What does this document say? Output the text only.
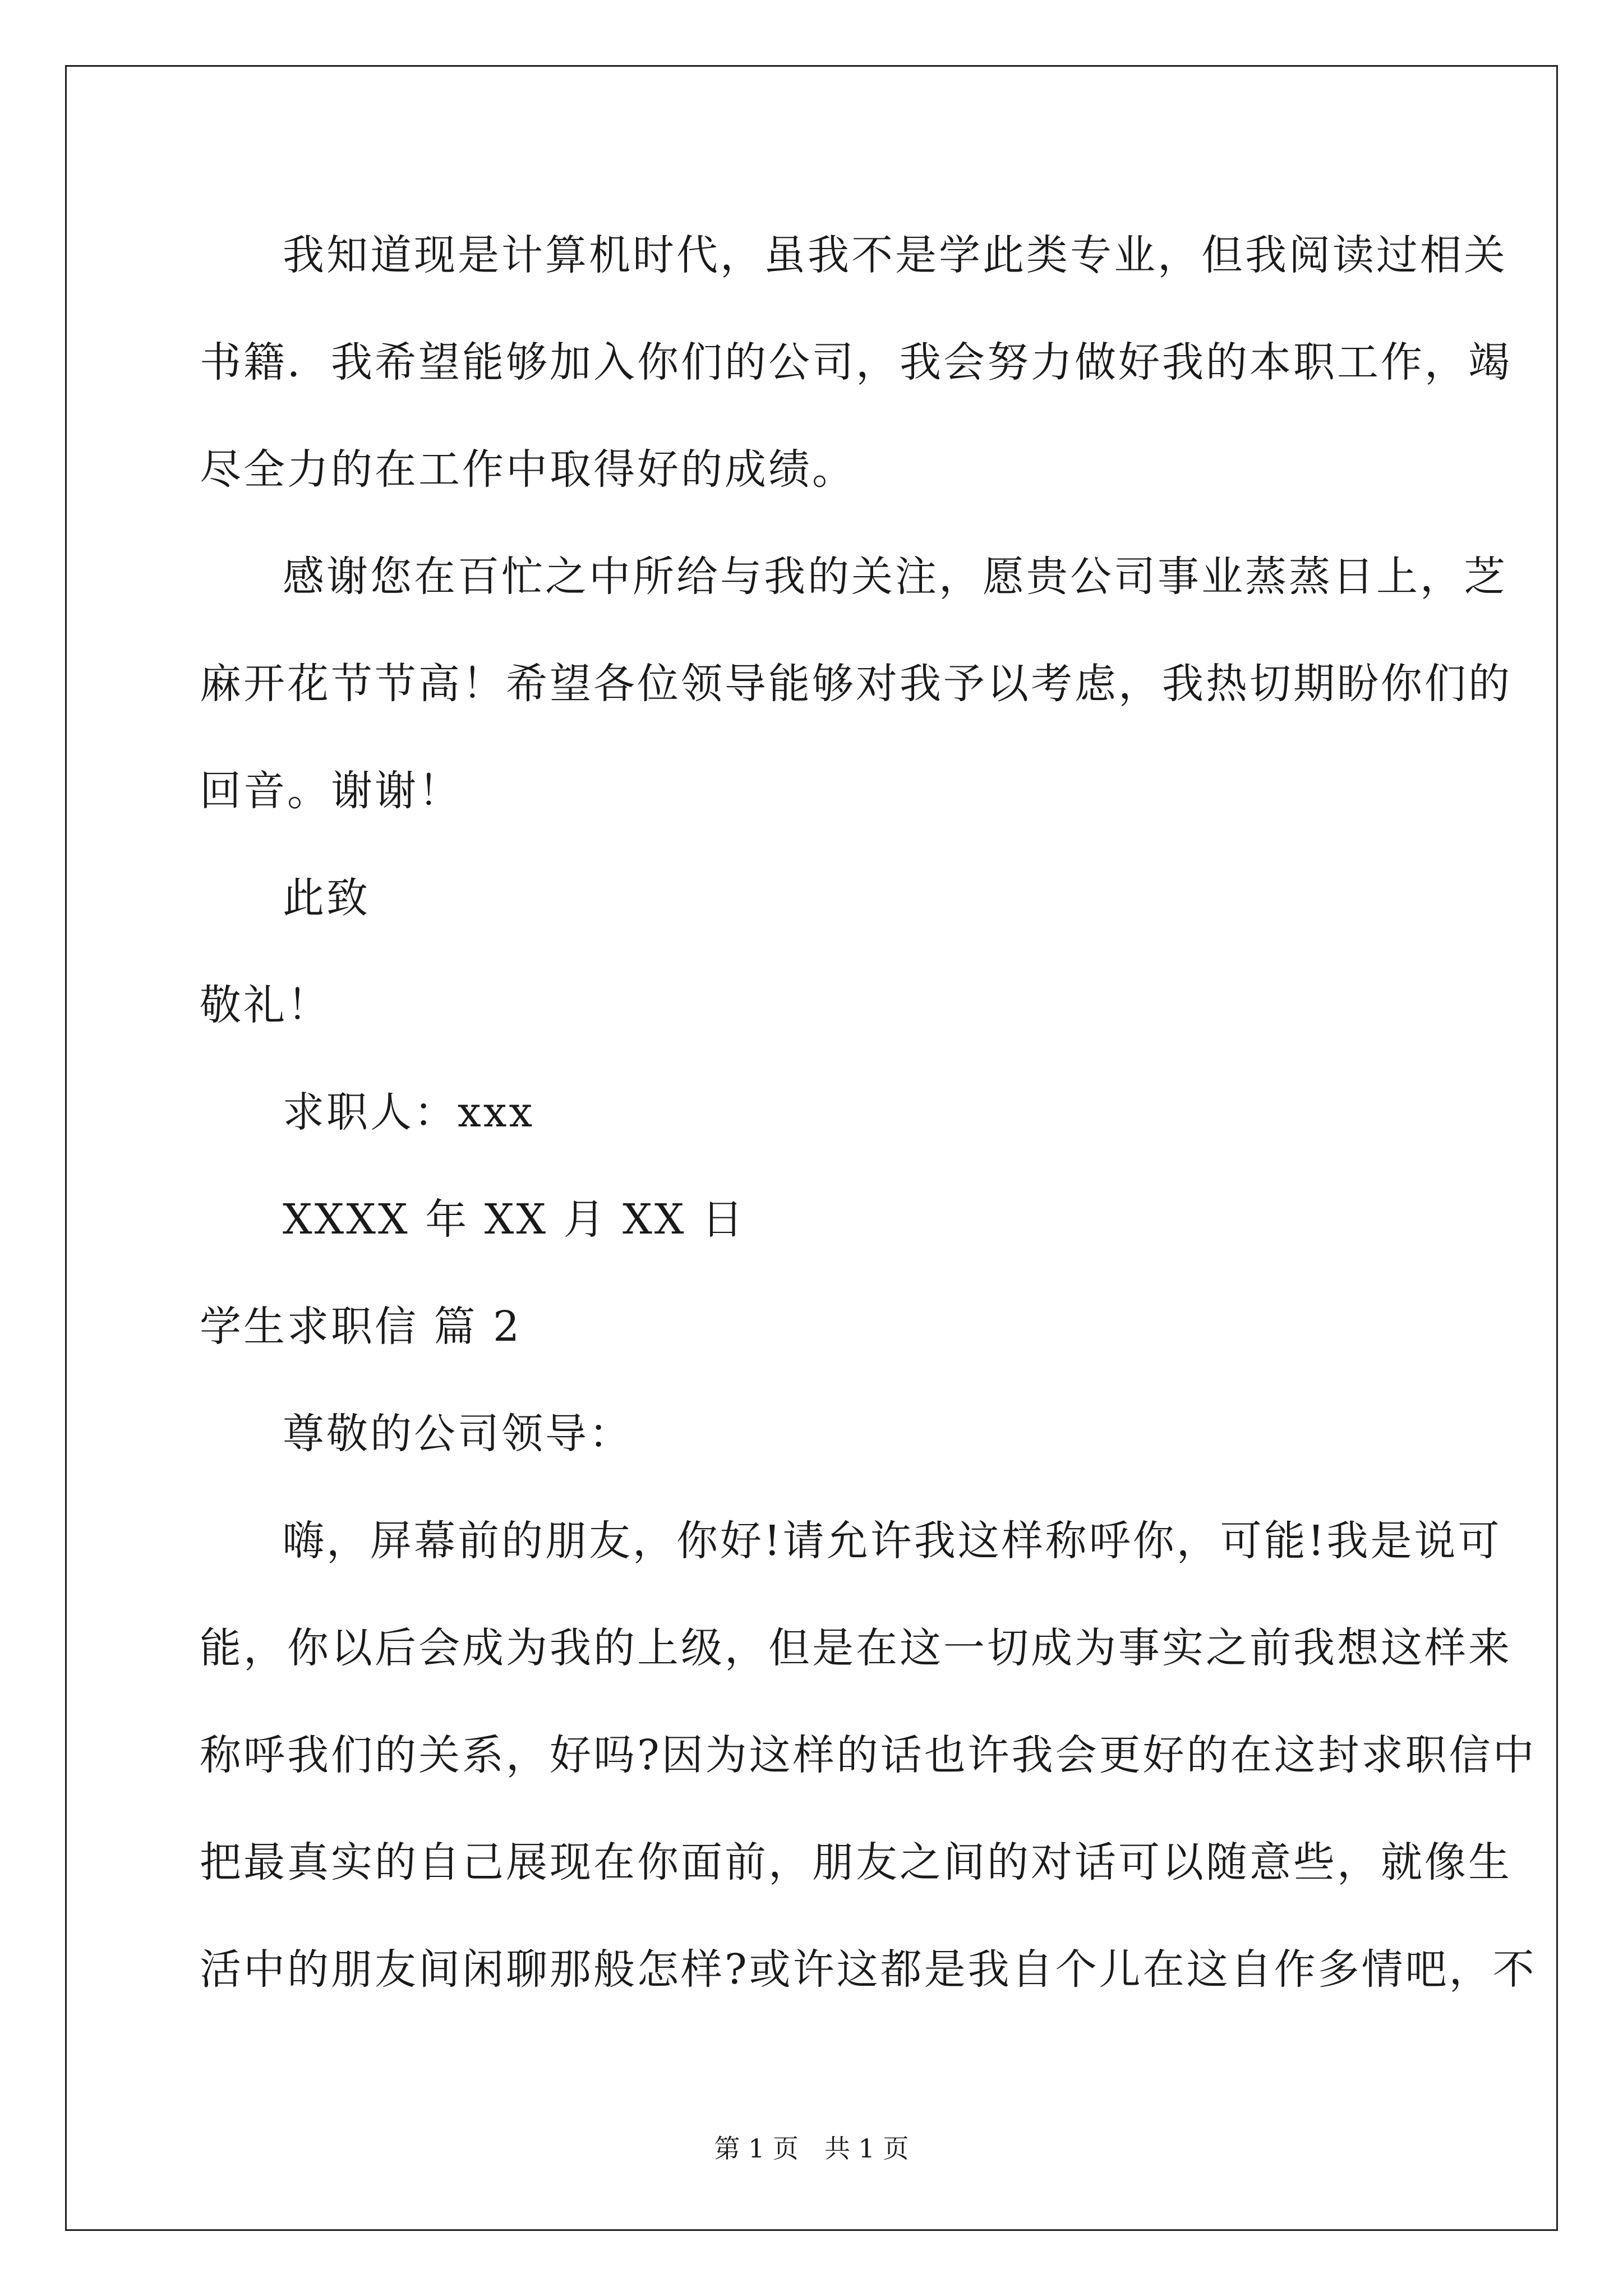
我知道现是计算机时代，虽我不是学此类专业，但我阅读过相关

书籍．我希望能够加入你们的公司，我会努力做好我的本职工作，竭

尽全力的在工作中取得好的成绩。

感谢您在百忙之中所给与我的关注，愿贵公司事业蒸蒸日上，芝

麻开花节节高！希望各位领导能够对我予以考虑，我热切期盼你们的

回音。谢谢！

此致

敬礼！

求职人：xxx

XXXX 年 XX 月 XX 日

学生求职信 篇 2

尊敬的公司领导：

嗨，屏幕前的朋友，你好!请允许我这样称呼你，可能!我是说可

能，你以后会成为我的上级，但是在这一切成为事实之前我想这样来

称呼我们的关系，好吗?因为这样的话也许我会更好的在这封求职信中

把最真实的自己展现在你面前，朋友之间的对话可以随意些，就像生

活中的朋友间闲聊那般怎样?或许这都是我自个儿在这自作多情吧，不

第 1 页　共 1 页
